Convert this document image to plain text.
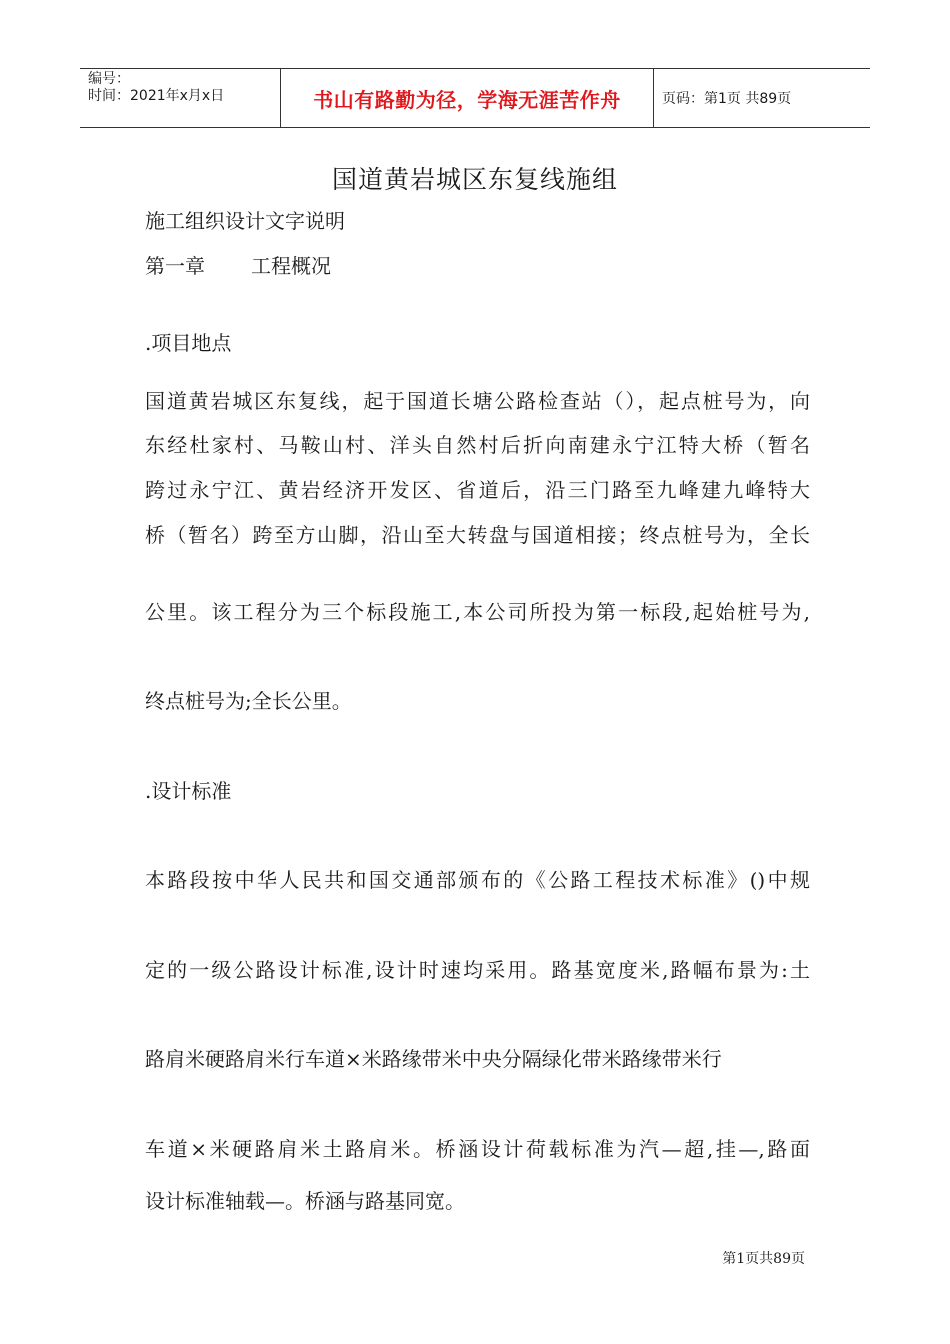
编号：
时间：2021年x月x日	书山有路勤为径，学海无涯苦作舟	页码：第1页 共89页
国道黄岩城区东复线施组
施工组织设计文字说明
第一章 工程概况
.项目地点
国道黄岩城区东复线，起于国道长塘公路检查站（），起点桩号为，向
东经杜家村、马鞍山村、洋头自然村后折向南建永宁江特大桥（暂名
跨过永宁江、黄岩经济开发区、省道后，沿三门路至九峰建九峰特大
桥（暂名）跨至方山脚，沿山至大转盘与国道相接；终点桩号为，全长
公里。该工程分为三个标段施工,本公司所投为第一标段,起始桩号为,
终点桩号为;全长公里。
.设计标准
本路段按中华人民共和国交通部颁布的《公路工程技术标准》()中规
定的一级公路设计标准,设计时速均采用。路基宽度米,路幅布景为:土
路肩米硬路肩米行车道×米路缘带米中央分隔绿化带米路缘带米行
车道×米硬路肩米土路肩米。桥涵设计荷载标准为汽—超,挂—,路面
设计标准轴载—。桥涵与路基同宽。
第1页共89页
